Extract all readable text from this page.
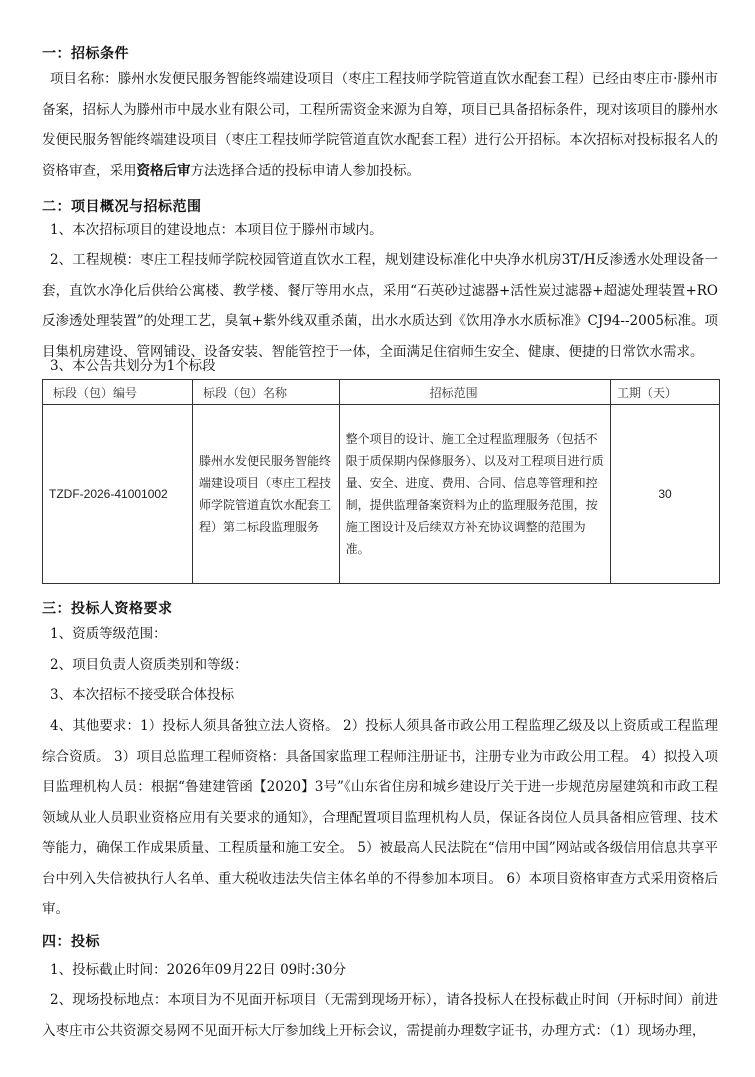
一：招标条件

项目名称：滕州水发便民服务智能终端建设项目（枣庄工程技师学院管道直饮水配套工程）已经由枣庄市·滕州市备案，招标人为滕州市中晟水业有限公司，工程所需资金来源为自筹，项目已具备招标条件，现对该项目的滕州水发便民服务智能终端建设项目（枣庄工程技师学院管道直饮水配套工程）进行公开招标。本次招标对投标报名人的资格审查，采用资格后审方法选择合适的投标申请人参加投标。

二：项目概况与招标范围

1、本次招标项目的建设地点：本项目位于滕州市域内。

2、工程规模：枣庄工程技师学院校园管道直饮水工程，规划建设标准化中央净水机房3T/H反渗透水处理设备一套，直饮水净化后供给公寓楼、教学楼、餐厅等用水点，采用“石英砂过滤器+活性炭过滤器+超滤处理装置+RO反渗透处理装置”的处理工艺，臭氧+紫外线双重杀菌，出水水质达到《饮用净水水质标准》CJ94--2005标准。项目集机房建设、管网铺设、设备安装、智能管控于一体，全面满足住宿师生安全、健康、便捷的日常饮水需求。

3、本公告共划分为1个标段

标段（包）编号	标段（包）名称	招标范围	工期（天）
TZDF-2026-41001002	滕州水发便民服务智能终端建设项目（枣庄工程技师学院管道直饮水配套工程）第二标段监理服务	整个项目的设计、施工全过程监理服务（包括不限于质保期内保修服务）、以及对工程项目进行质量、安全、进度、费用、合同、信息等管理和控制，提供监理备案资料为止的监理服务范围，按施工图设计及后续双方补充协议调整的范围为准。	30
三：投标人资格要求

1、资质等级范围：

2、项目负责人资质类别和等级：

3、本次招标不接受联合体投标

4、其他要求：1）投标人须具备独立法人资格。 2）投标人须具备市政公用工程监理乙级及以上资质或工程监理综合资质。 3）项目总监理工程师资格：具备国家监理工程师注册证书，注册专业为市政公用工程。 4）拟投入项目监理机构人员：根据“鲁建建管函【2020】3号”《山东省住房和城乡建设厅关于进一步规范房屋建筑和市政工程领域从业人员职业资格应用有关要求的通知》，合理配置项目监理机构人员，保证各岗位人员具备相应管理、技术等能力，确保工作成果质量、工程质量和施工安全。 5）被最高人民法院在“信用中国”网站或各级信用信息共享平台中列入失信被执行人名单、重大税收违法失信主体名单的不得参加本项目。 6）本项目资格审查方式采用资格后审。

四：投标

1、投标截止时间：2026年09月22日 09时:30分

2、现场投标地点：本项目为不见面开标项目（无需到现场开标），请各投标人在投标截止时间（开标时间）前进入枣庄市公共资源交易网不见面开标大厅参加线上开标会议，需提前办理数字证书，办理方式：（1）现场办理，
